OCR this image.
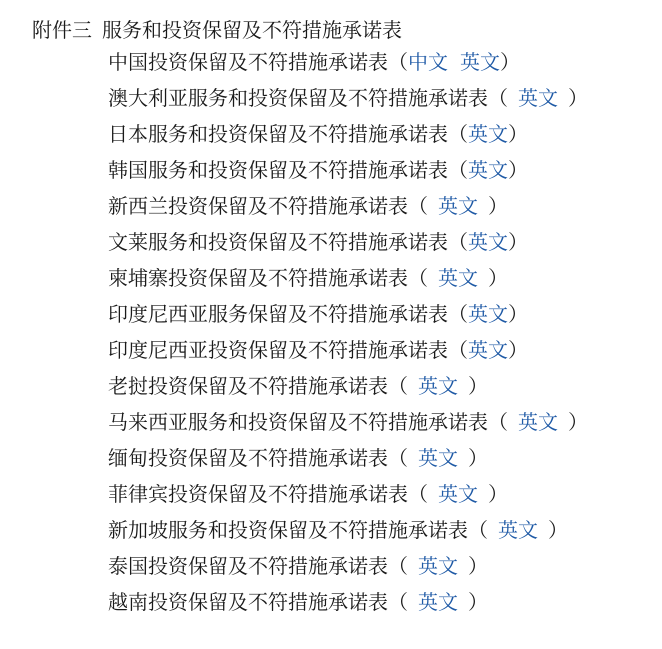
附件三 服务和投资保留及不符措施承诺表
中国投资保留及不符措施承诺表（中文 英文）
澳大利亚服务和投资保留及不符措施承诺表（ 英文 ）
日本服务和投资保留及不符措施承诺表（英文）
韩国服务和投资保留及不符措施承诺表（英文）
新西兰投资保留及不符措施承诺表（ 英文 ）
文莱服务和投资保留及不符措施承诺表（英文）
柬埔寨投资保留及不符措施承诺表（ 英文 ）
印度尼西亚服务保留及不符措施承诺表（英文）
印度尼西亚投资保留及不符措施承诺表（英文）
老挝投资保留及不符措施承诺表（ 英文 ）
马来西亚服务和投资保留及不符措施承诺表（ 英文 ）
缅甸投资保留及不符措施承诺表（ 英文 ）
菲律宾投资保留及不符措施承诺表（ 英文 ）
新加坡服务和投资保留及不符措施承诺表（ 英文 ）
泰国投资保留及不符措施承诺表（ 英文 ）
越南投资保留及不符措施承诺表（ 英文 ）
